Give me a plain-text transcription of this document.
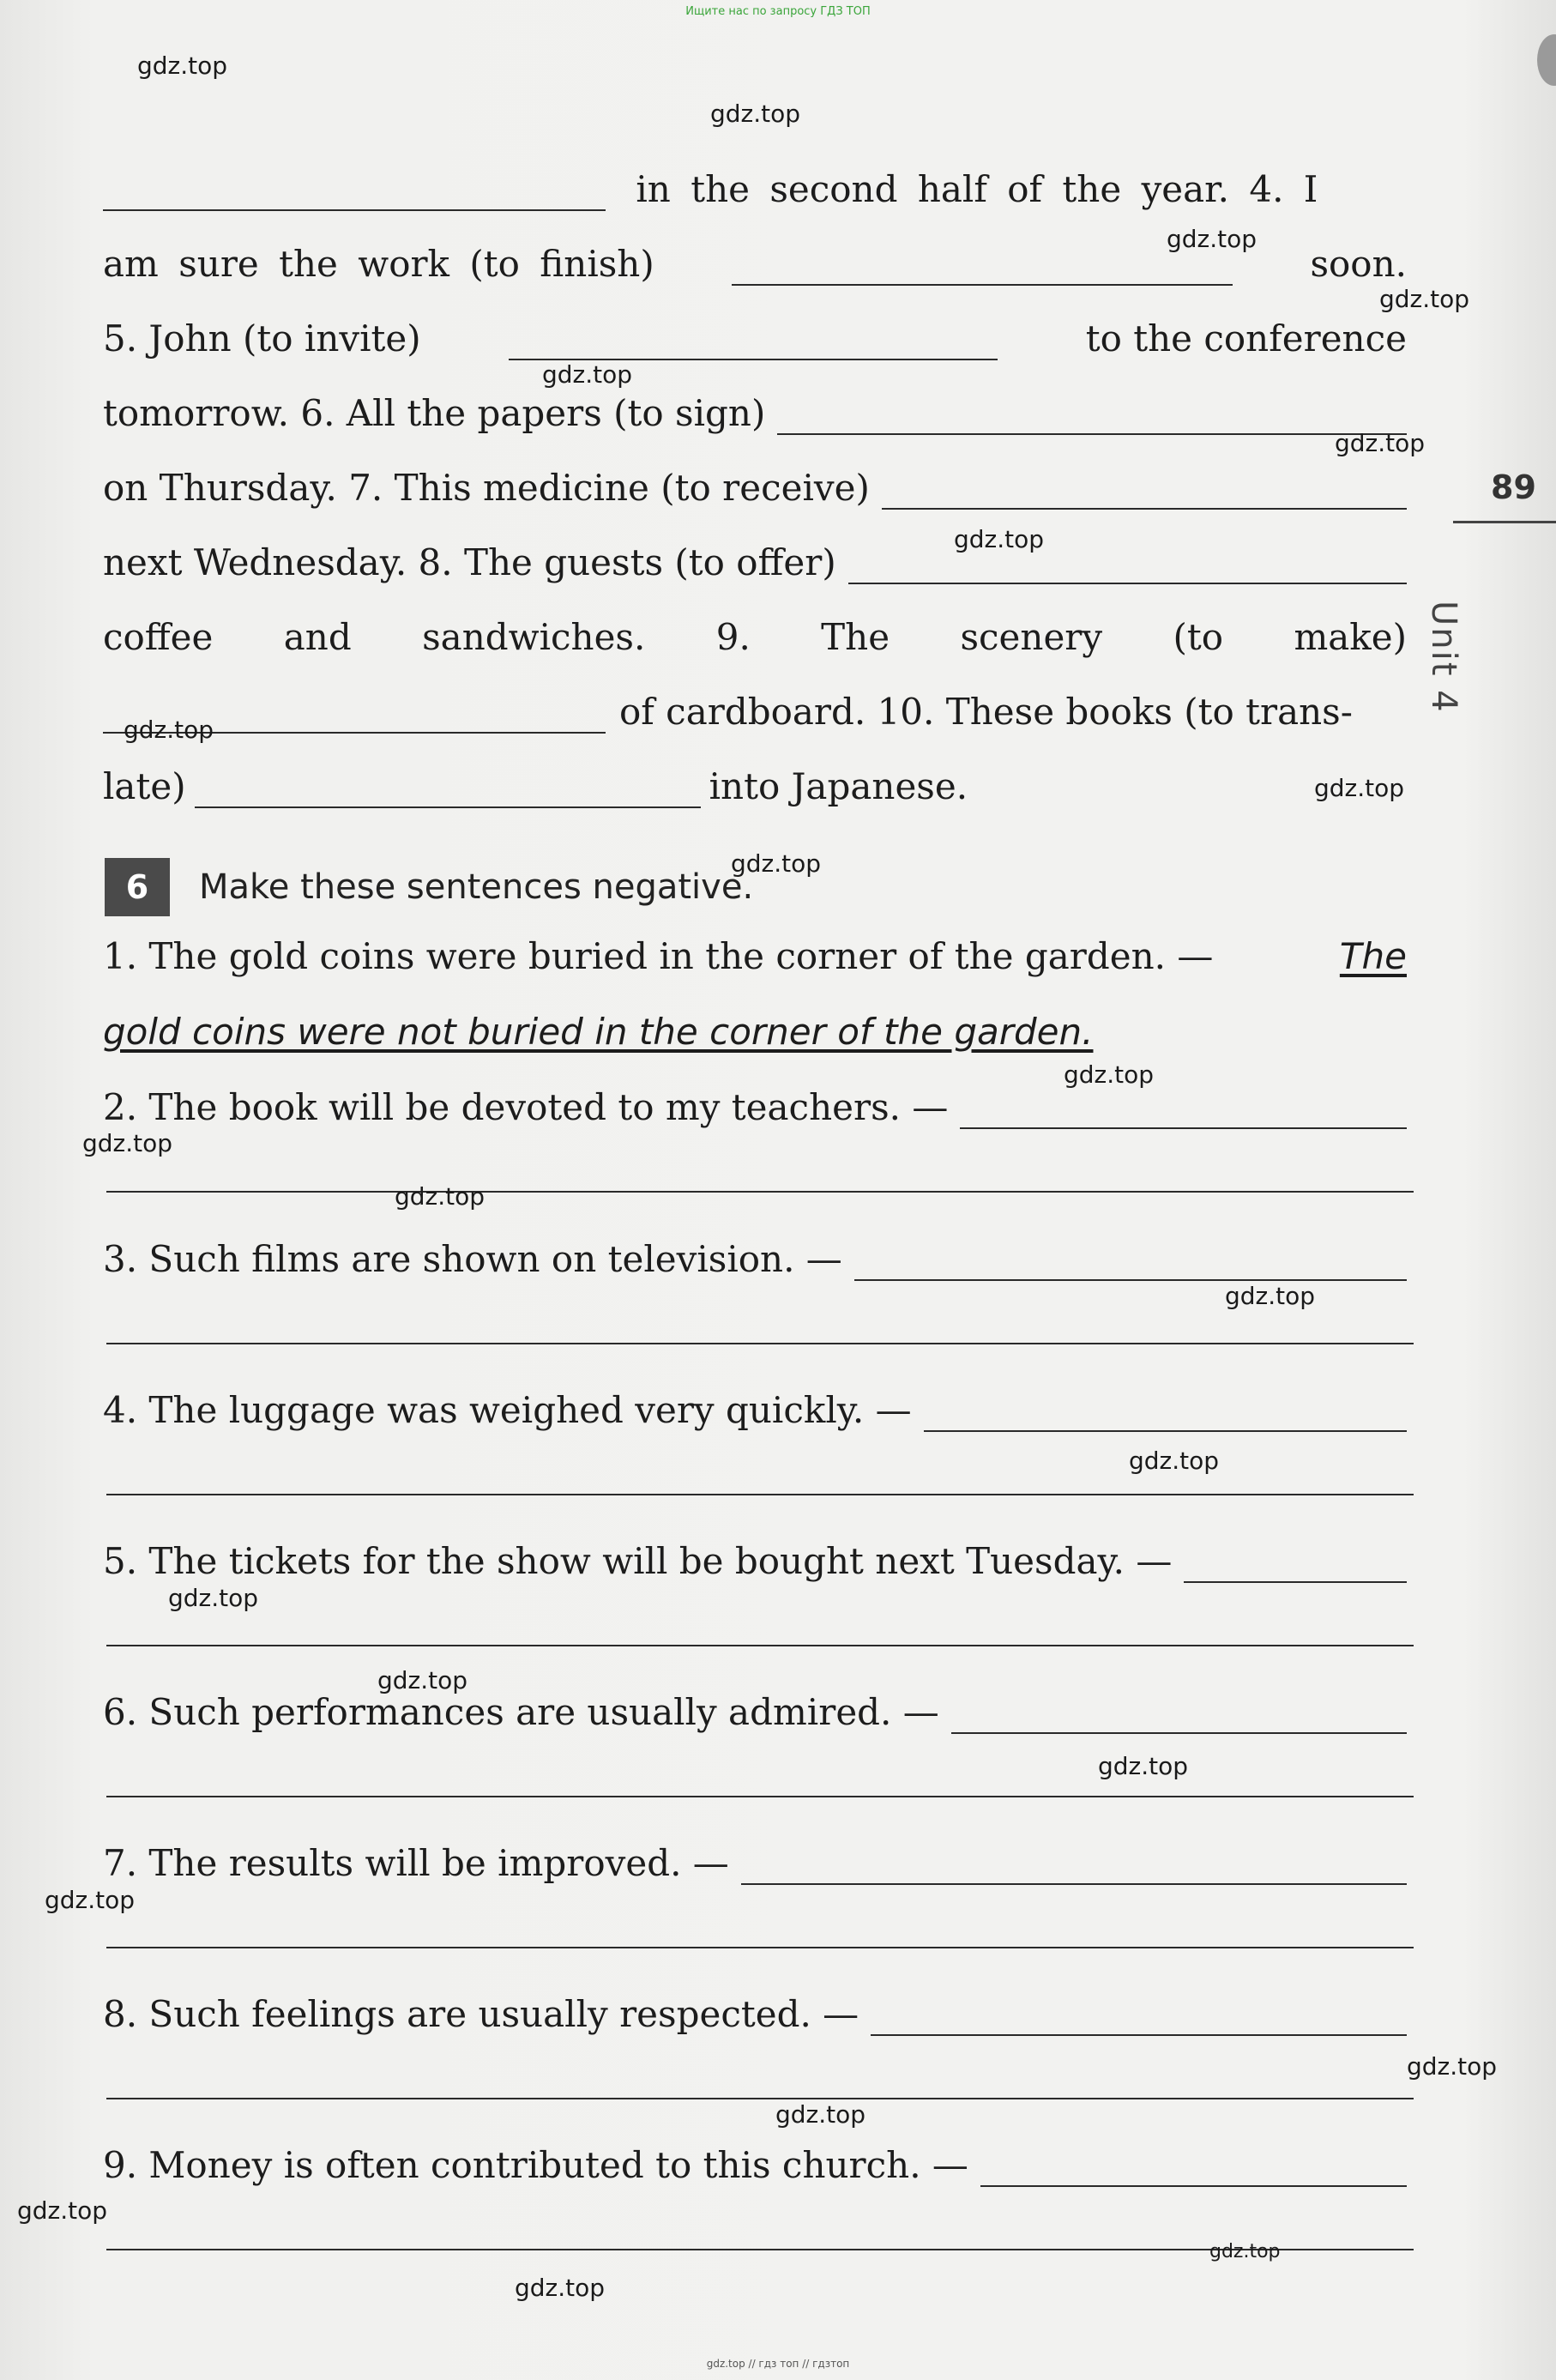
Ищите нас по запросу ГДЗ ТОП
89
Unit 4
in the second half of the year. 4. I
am sure the work (to finish)	soon.
5. John (to invite)	to the conference
tomorrow. 6. All the papers (to sign)
on Thursday. 7. This medicine (to receive)
next Wednesday. 8. The guests (to offer)
coffee and sandwiches. 9. The scenery (to make)
of cardboard. 10. These books (to trans-
late)	into Japanese.
6	Make these sentences negative.
1. The gold coins were buried in the corner of the garden. —	The
gold coins were not buried in the corner of the garden.
2. The book will be devoted to my teachers. —
3. Such films are shown on television. —
4. The luggage was weighed very quickly. —
5. The tickets for the show will be bought next Tuesday. —
6. Such performances are usually admired. —
7. The results will be improved. —
8. Such feelings are usually respected. —
9. Money is often contributed to this church. —
gdz.top
gdz.top
gdz.top
gdz.top
gdz.top
gdz.top
gdz.top
gdz.top
gdz.top
gdz.top
gdz.top
gdz.top
gdz.top
gdz.top
gdz.top
gdz.top
gdz.top
gdz.top
gdz.top
gdz.top
gdz.top
gdz.top
gdz.top
gdz.top
gdz.top // гдз топ // гдзтоп
